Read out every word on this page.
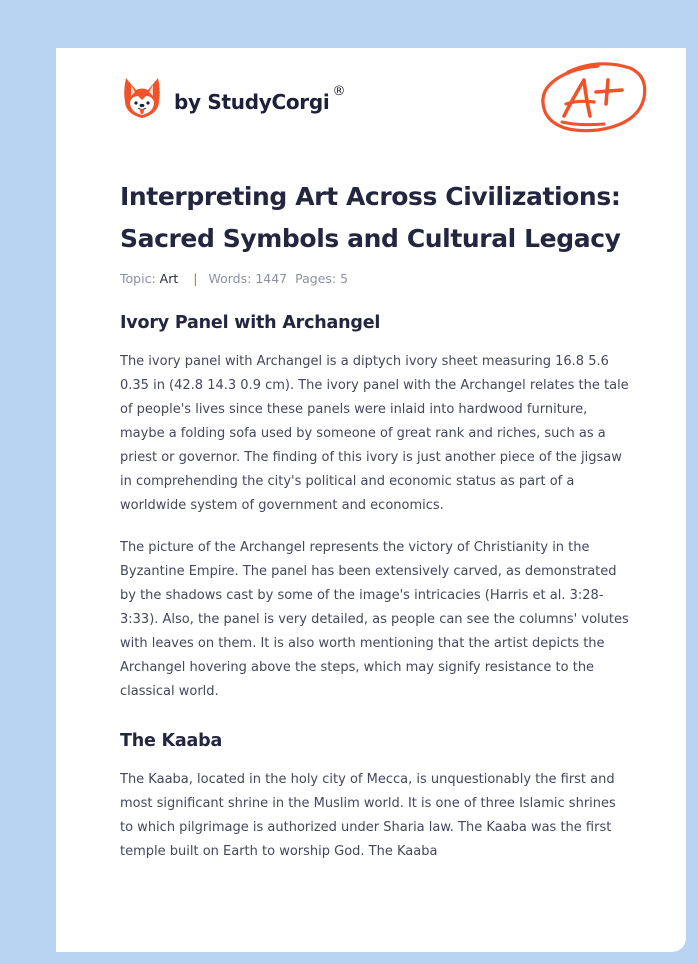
by StudyCorgi ®
Interpreting Art Across Civilizations: Sacred Symbols and Cultural Legacy
Topic: Art | Words: 1447 Pages: 5
Ivory Panel with Archangel

The ivory panel with Archangel is a diptych ivory sheet measuring 16.8 5.6 0.35 in (42.8 14.3 0.9 cm). The ivory panel with the Archangel relates the tale of people's lives since these panels were inlaid into hardwood furniture, maybe a folding sofa used by someone of great rank and riches, such as a priest or governor. The finding of this ivory is just another piece of the jigsaw in comprehending the city's political and economic status as part of a worldwide system of government and economics.

The picture of the Archangel represents the victory of Christianity in the Byzantine Empire. The panel has been extensively carved, as demonstrated by the shadows cast by some of the image's intricacies (Harris et al. 3:28-3:33). Also, the panel is very detailed, as people can see the columns' volutes with leaves on them. It is also worth mentioning that the artist depicts the Archangel hovering above the steps, which may signify resistance to the classical world.

The Kaaba

The Kaaba, located in the holy city of Mecca, is unquestionably the first and most significant shrine in the Muslim world. It is one of three Islamic shrines to which pilgrimage is authorized under Sharia law. The Kaaba was the first temple built on Earth to worship God. The Kaaba
